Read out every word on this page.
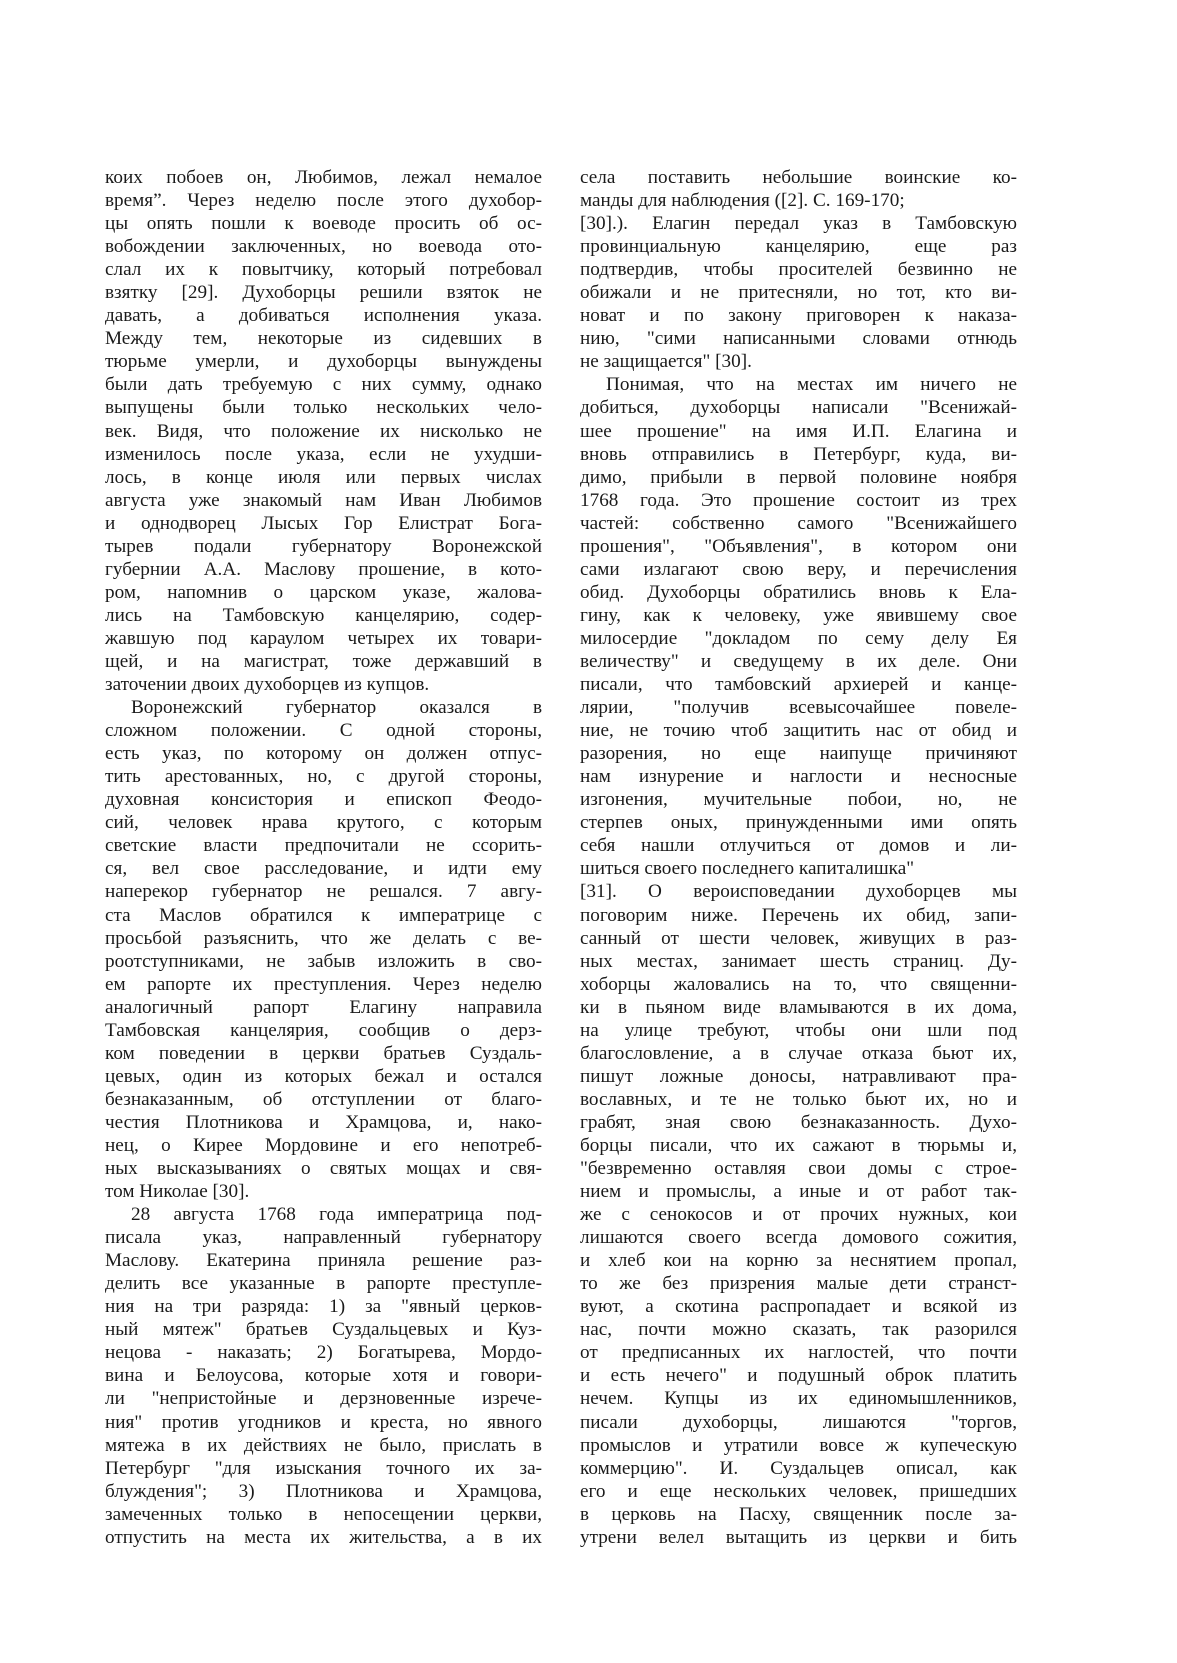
коих побоев он, Любимов, лежал немалое
время”. Через неделю после этого духобор-
цы опять пошли к воеводе просить об ос-
вобождении заключенных, но воевода ото-
слал их к повытчику, который потребовал
взятку [29]. Духоборцы решили взяток не
давать, а добиваться исполнения указа.
Между тем, некоторые из сидевших в
тюрьме умерли, и духоборцы вынуждены
были дать требуемую с них сумму, однако
выпущены были только нескольких чело-
век. Видя, что положение их нисколько не
изменилось после указа, если не ухудши-
лось, в конце июля или первых числах
августа уже знакомый нам Иван Любимов
и однодворец Лысых Гор Елистрат Бога-
тырев подали губернатору Воронежской
губернии А.А. Маслову прошение, в кото-
ром, напомнив о царском указе, жалова-
лись на Тамбовскую канцелярию, содер-
жавшую под караулом четырех их товари-
щей, и на магистрат, тоже державший в
заточении двоих духоборцев из купцов.
Воронежский губернатор оказался в
сложном положении. С одной стороны,
есть указ, по которому он должен отпус-
тить арестованных, но, с другой стороны,
духовная консистория и епископ Феодо-
сий, человек нрава крутого, с которым
светские власти предпочитали не ссорить-
ся, вел свое расследование, и идти ему
наперекор губернатор не решался. 7 авгу-
ста Маслов обратился к императрице с
просьбой разъяснить, что же делать с ве-
роотступниками, не забыв изложить в сво-
ем рапорте их преступления. Через неделю
аналогичный рапорт Елагину направила
Тамбовская канцелярия, сообщив о дерз-
ком поведении в церкви братьев Суздаль-
цевых, один из которых бежал и остался
безнаказанным, об отступлении от благо-
честия Плотникова и Храмцова, и, нако-
нец, о Кирее Мордовине и его непотреб-
ных высказываниях о святых мощах и свя-
том Николае [30].
28 августа 1768 года императрица под-
писала указ, направленный губернатору
Маслову. Екатерина приняла решение раз-
делить все указанные в рапорте преступле-
ния на три разряда: 1) за "явный церков-
ный мятеж" братьев Суздальцевых и Куз-
нецова - наказать; 2) Богатырева, Мордо-
вина и Белоусова, которые хотя и говори-
ли "непристойные и дерзновенные изрече-
ния" против угодников и креста, но явного
мятежа в их действиях не было, прислать в
Петербург "для изыскания точного их за-
блуждения"; 3) Плотникова и Храмцова,
замеченных только в непосещении церкви,
отпустить на места их жительства, а в их
села поставить небольшие воинские ко-
манды для наблюдения ([2]. С. 169-170;
[30].). Елагин передал указ в Тамбовскую
провинциальную канцелярию, еще раз
подтвердив, чтобы просителей безвинно не
обижали и не притесняли, но тот, кто ви-
новат и по закону приговорен к наказа-
нию, "сими написанными словами отнюдь
не защищается" [30].
Понимая, что на местах им ничего не
добиться, духоборцы написали "Всенижай-
шее прошение" на имя И.П. Елагина и
вновь отправились в Петербург, куда, ви-
димо, прибыли в первой половине ноября
1768 года. Это прошение состоит из трех
частей: собственно самого "Всенижайшего
прошения", "Объявления", в котором они
сами излагают свою веру, и перечисления
обид. Духоборцы обратились вновь к Ела-
гину, как к человеку, уже явившему свое
милосердие "докладом по сему делу Ея
величеству" и сведущему в их деле. Они
писали, что тамбовский архиерей и канце-
лярии, "получив всевысочайшее повеле-
ние, не точию чтоб защитить нас от обид и
разорения, но еще наипуще причиняют
нам изнурение и наглости и несносные
изгонения, мучительные побои, но, не
стерпев оных, принужденными ими опять
себя нашли отлучиться от домов и ли-
шиться своего последнего капиталишка"
[31]. О вероисповедании духоборцев мы
поговорим ниже. Перечень их обид, запи-
санный от шести человек, живущих в раз-
ных местах, занимает шесть страниц. Ду-
хоборцы жаловались на то, что священни-
ки в пьяном виде вламываются в их дома,
на улице требуют, чтобы они шли под
благословление, а в случае отказа бьют их,
пишут ложные доносы, натравливают пра-
вославных, и те не только бьют их, но и
грабят, зная свою безнаказанность. Духо-
борцы писали, что их сажают в тюрьмы и,
"безвременно оставляя свои домы с строе-
нием и промыслы, а иные и от работ так-
же с сенокосов и от прочих нужных, кои
лишаются своего всегда домового сожития,
и хлеб кои на корню за неснятием пропал,
то же без призрения малые дети странст-
вуют, а скотина распропадает и всякой из
нас, почти можно сказать, так разорился
от предписанных их наглостей, что почти
и есть нечего" и подушный оброк платить
нечем. Купцы из их единомышленников,
писали духоборцы, лишаются "торгов,
промыслов и утратили вовсе ж купеческую
коммерцию". И. Суздальцев описал, как
его и еще нескольких человек, пришедших
в церковь на Пасху, священник после за-
утрени велел вытащить из церкви и бить
